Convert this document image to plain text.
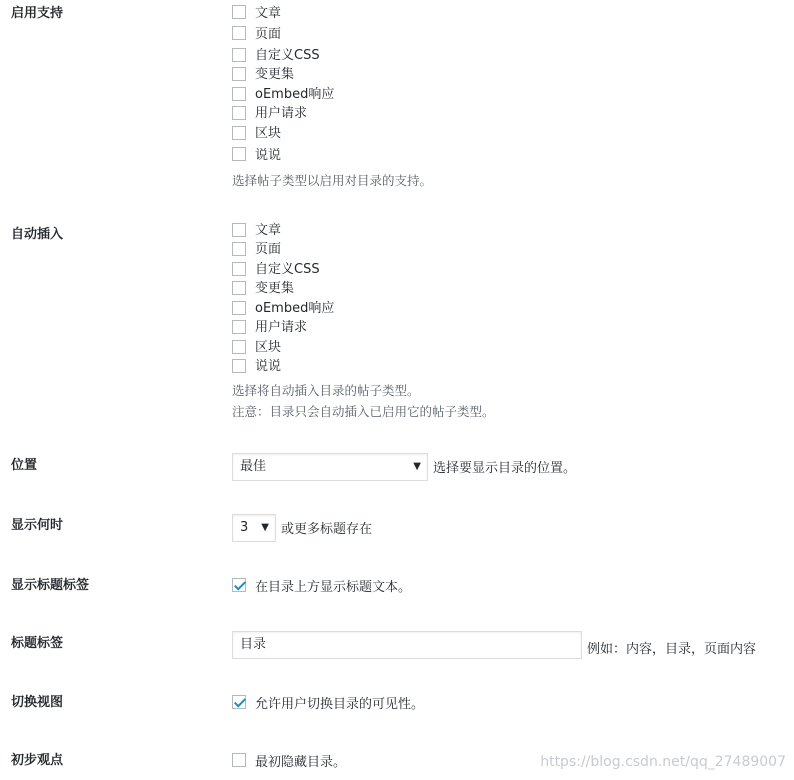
启用支持	文章
页面
自定义CSS
变更集
oEmbed响应
用户请求
区块
说说
选择帖子类型以启用对目录的支持。
自动插入	文章
页面
自定义CSS
变更集
oEmbed响应
用户请求
区块
说说
选择将自动插入目录的帖子类型。
注意：目录只会自动插入已启用它的帖子类型。
位置	最佳	▼ 选择要显示目录的位置。
显示何时	3 ▼ 或更多标题存在
显示标题标签	在目录上方显示标题文本。
标题标签	目录	例如：内容，目录，页面内容
切换视图	允许用户切换目录的可见性。
初步观点	最初隐藏目录。	https://blog.csdn.net/qq_27489007
